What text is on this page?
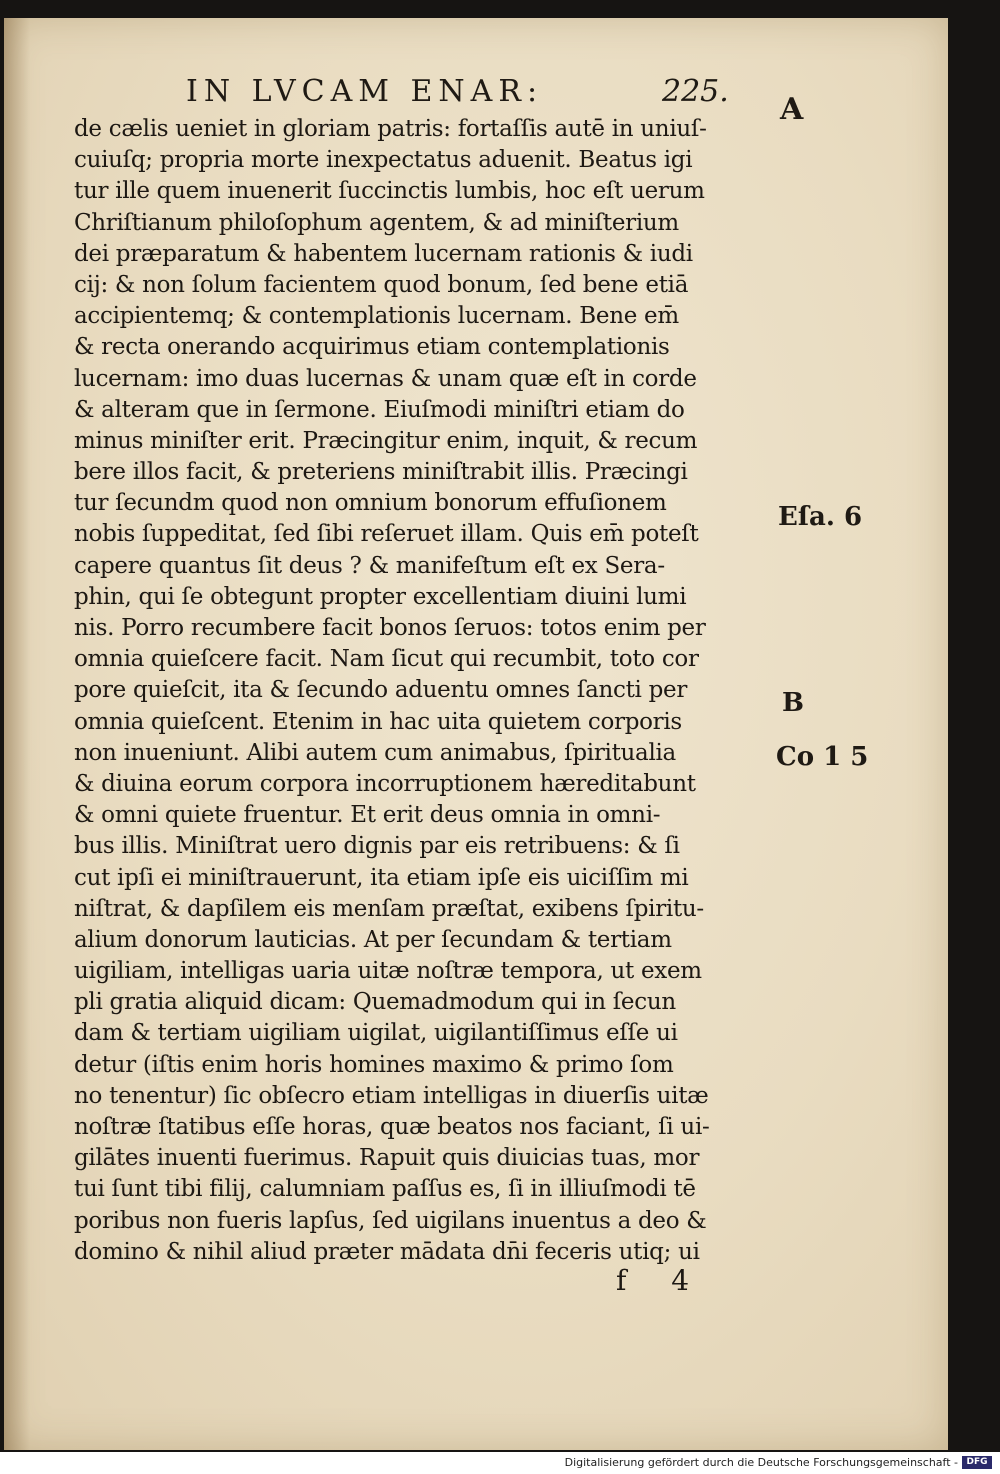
IN LVCAM ENAR:	225.
de cælis ueniet in gloriam patris: fortaſſis autē in uniuſ-
cuiuſq; propria morte inexpectatus aduenit. Beatus igi
tur ille quem inuenerit ſuccinctis lumbis, hoc eſt uerum
Chriſtianum philoſophum agentem, & ad miniſterium
dei præparatum & habentem lucernam rationis & iudi
cij: & non ſolum facientem quod bonum, ſed bene etiā
accipientemq; & contemplationis lucernam. Bene em̄
& recta onerando acquirimus etiam contemplationis
lucernam: imo duas lucernas & unam quæ eſt in corde
& alteram que in ſermone. Eiuſmodi miniſtri etiam do
minus miniſter erit. Præcingitur enim, inquit, & recum
bere illos facit, & preteriens miniſtrabit illis. Præcingi
tur ſecundm quod non omnium bonorum effuſionem
nobis ſuppeditat, ſed ſibi reſeruet illam. Quis em̄ poteſt
capere quantus ſit deus ? & manifeſtum eſt ex Sera-
phin, qui ſe obtegunt propter excellentiam diuini lumi
nis. Porro recumbere facit bonos ſeruos: totos enim per
omnia quieſcere facit. Nam ſicut qui recumbit, toto cor
pore quieſcit, ita & ſecundo aduentu omnes ſancti per
omnia quieſcent. Etenim in hac uita quietem corporis
non inueniunt. Alibi autem cum animabus, ſpiritualia
& diuina eorum corpora incorruptionem hæreditabunt
& omni quiete fruentur. Et erit deus omnia in omni-
bus illis. Miniſtrat uero dignis par eis retribuens: & ſi
cut ipſi ei miniſtrauerunt, ita etiam ipſe eis uiciſſim mi
niſtrat, & dapſilem eis menſam præſtat, exibens ſpiritu-
alium donorum lauticias. At per ſecundam & tertiam
uigiliam, intelligas uaria uitæ noſtræ tempora, ut exem
pli gratia aliquid dicam: Quemadmodum qui in ſecun
dam & tertiam uigiliam uigilat, uigilantiſſimus eſſe ui
detur (iſtis enim horis homines maximo & primo ſom
no tenentur) ſic obſecro etiam intelligas in diuerſis uitæ
noſtræ ſtatibus eſſe horas, quæ beatos nos faciant, ſi ui-
gilātes inuenti fuerimus. Rapuit quis diuicias tuas, mor
tui ſunt tibi filij, calumniam paſſus es, ſi in illiuſmodi tē
poribus non fueris lapſus, ſed uigilans inuentus a deo &
domino & nihil aliud præter mādata dn̄i feceris utiq; ui
A
Eſa. 6
B
Co 1 5
f 4
Digitalisierung gefördert durch die Deutsche Forschungsgemeinschaft - DFG
